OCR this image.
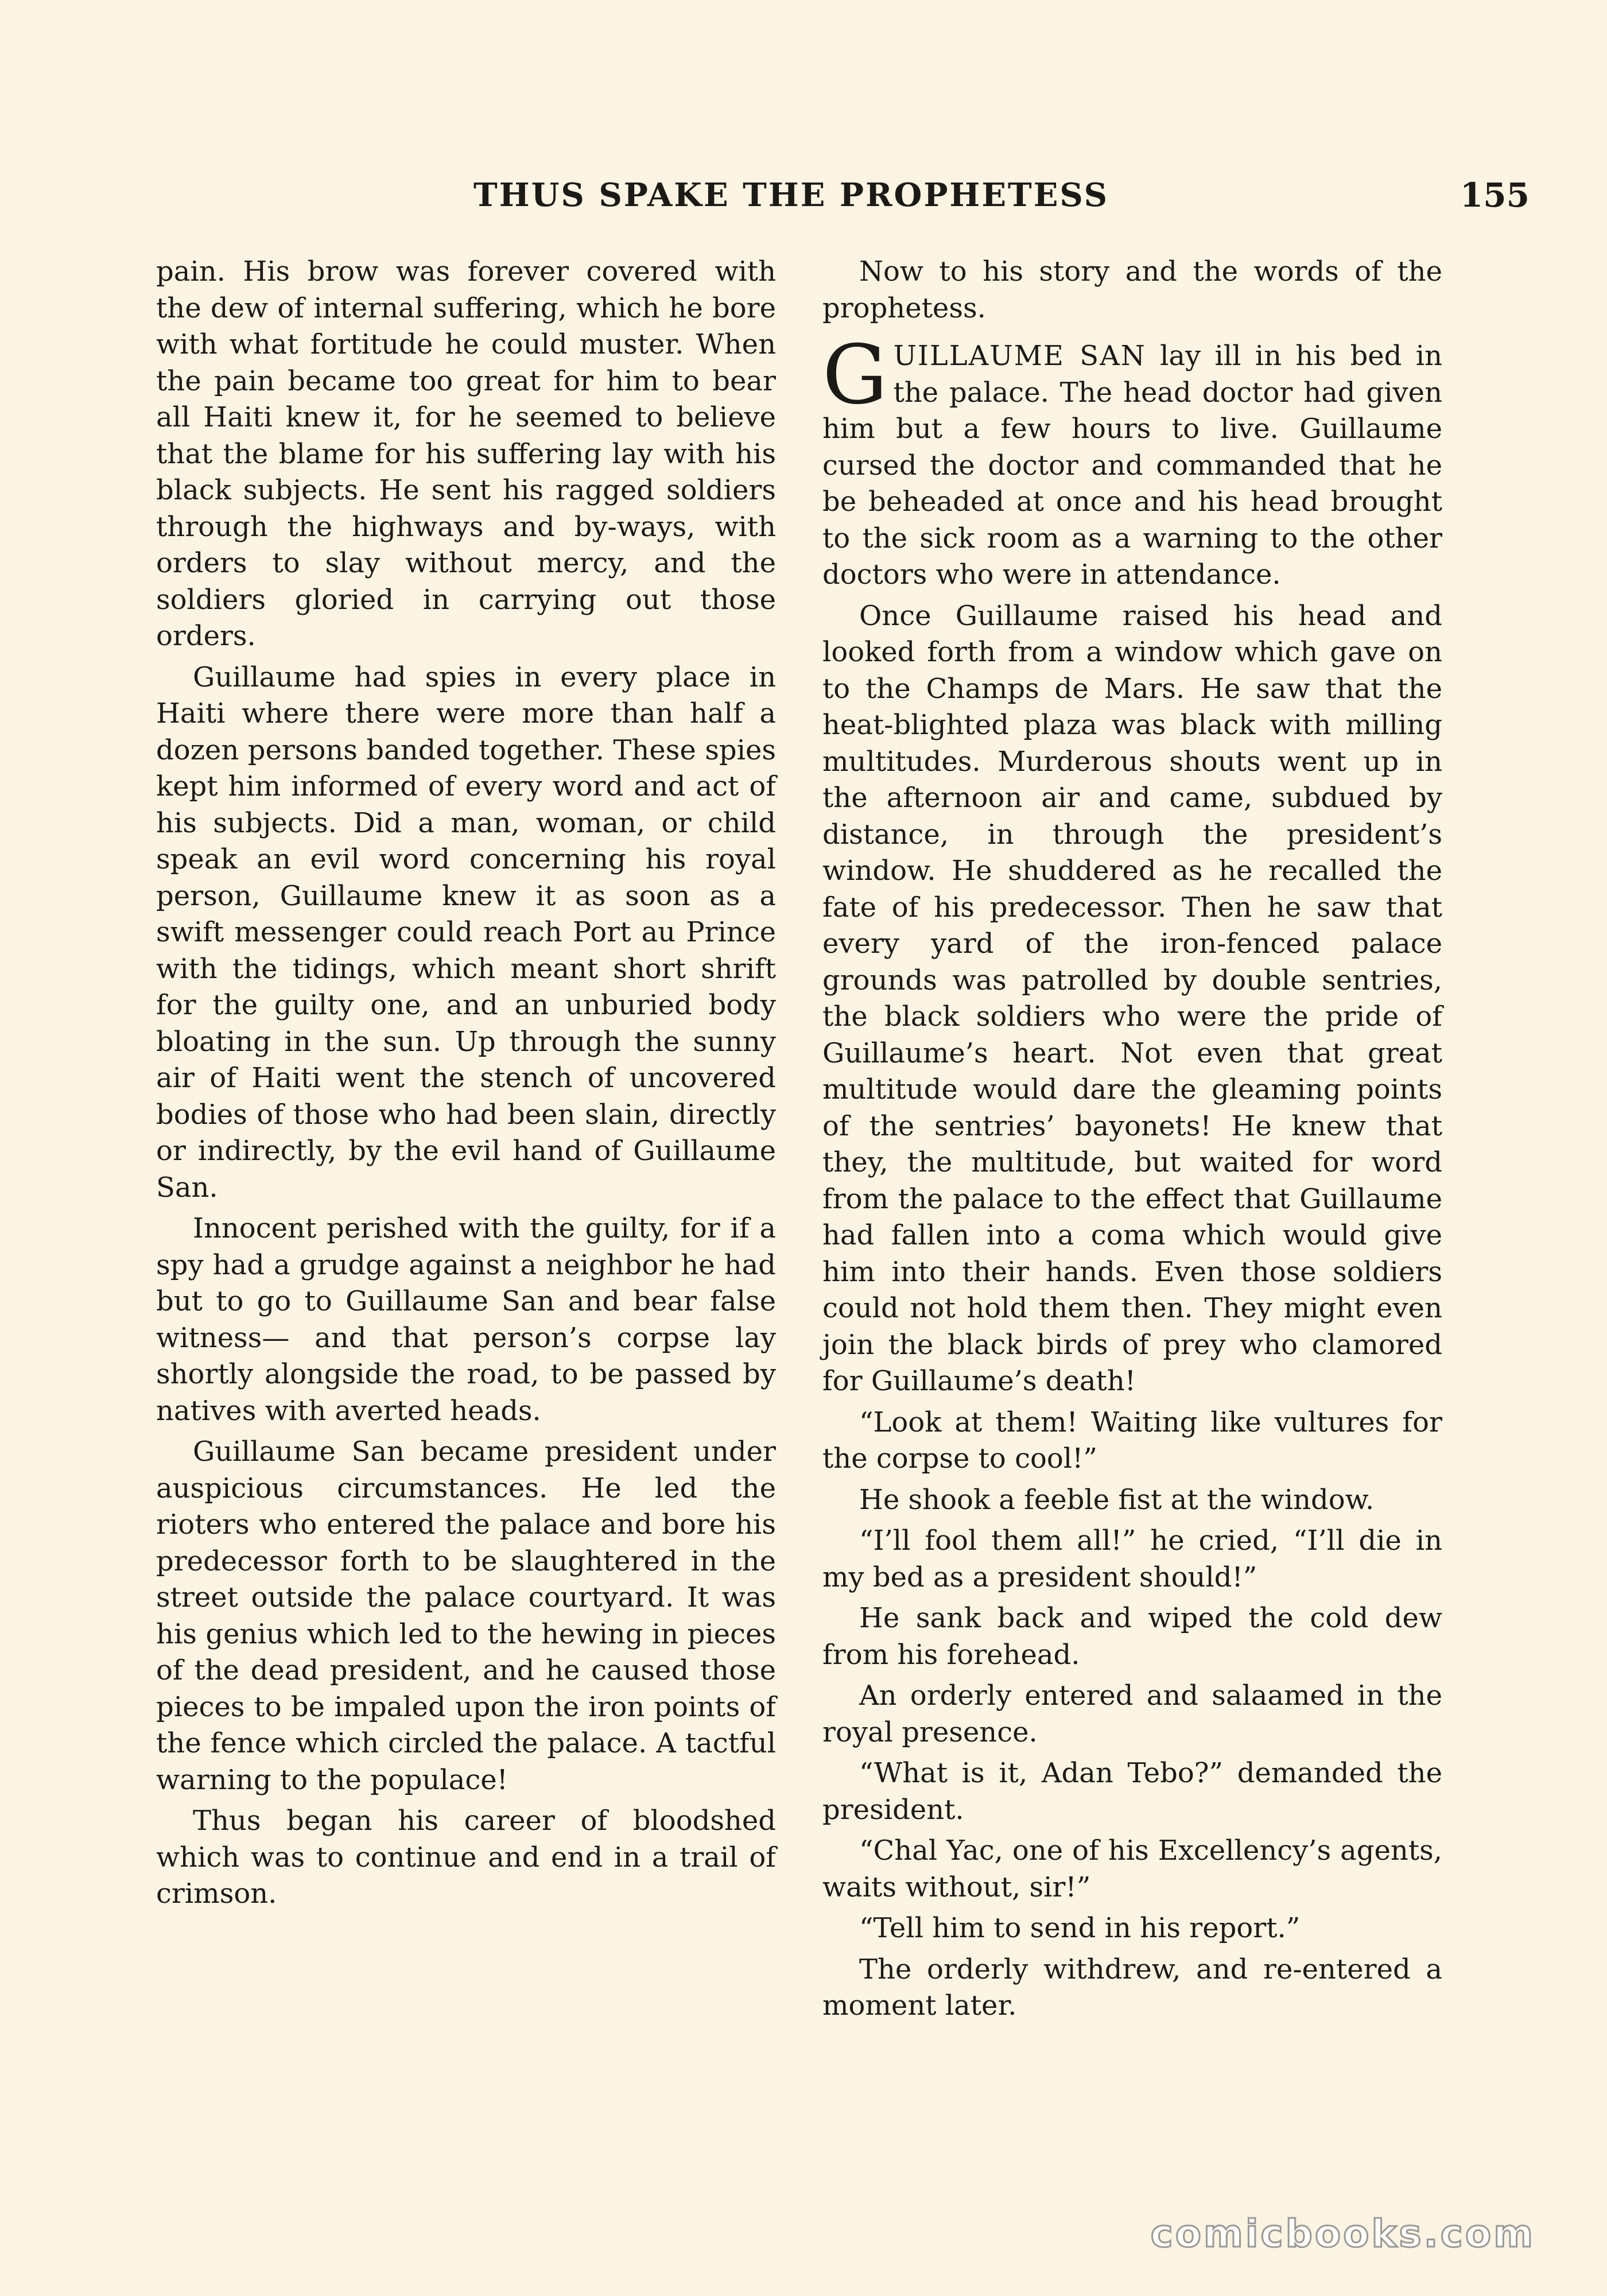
THUS SPAKE THE PROPHETESS	155

pain. His brow was forever covered with the dew of internal suffering, which he bore with what fortitude he could muster. When the pain became too great for him to bear all Haiti knew it, for he seemed to believe that the blame for his suffering lay with his black subjects. He sent his ragged soldiers through the highways and by-ways, with orders to slay without mercy, and the soldiers gloried in carrying out those orders.

Guillaume had spies in every place in Haiti where there were more than half a dozen persons banded together. These spies kept him informed of every word and act of his subjects. Did a man, woman, or child speak an evil word concerning his royal person, Guillaume knew it as soon as a swift messenger could reach Port au Prince with the tidings, which meant short shrift for the guilty one, and an unburied body bloating in the sun. Up through the sunny air of Haiti went the stench of uncovered bodies of those who had been slain, directly or indirectly, by the evil hand of Guillaume San.

Innocent perished with the guilty, for if a spy had a grudge against a neighbor he had but to go to Guillaume San and bear false witness— and that person’s corpse lay shortly alongside the road, to be passed by natives with averted heads.

Guillaume San became president under auspicious circumstances. He led the rioters who entered the palace and bore his predecessor forth to be slaughtered in the street outside the palace courtyard. It was his genius which led to the hewing in pieces of the dead president, and he caused those pieces to be impaled upon the iron points of the fence which circled the palace. A tactful warning to the populace!

Thus began his career of bloodshed which was to continue and end in a trail of crimson.

Now to his story and the words of the prophetess.

GUILLAUME SAN lay ill in his bed in the palace. The head doctor had given him but a few hours to live. Guillaume cursed the doctor and commanded that he be beheaded at once and his head brought to the sick room as a warning to the other doctors who were in attendance.

Once Guillaume raised his head and looked forth from a window which gave on to the Champs de Mars. He saw that the heat-blighted plaza was black with milling multitudes. Murderous shouts went up in the afternoon air and came, subdued by distance, in through the president’s window. He shuddered as he recalled the fate of his predecessor. Then he saw that every yard of the iron-fenced palace grounds was patrolled by double sentries, the black soldiers who were the pride of Guillaume’s heart. Not even that great multitude would dare the gleaming points of the sentries’ bayonets! He knew that they, the multitude, but waited for word from the palace to the effect that Guillaume had fallen into a coma which would give him into their hands. Even those soldiers could not hold them then. They might even join the black birds of prey who clamored for Guillaume’s death!

“Look at them! Waiting like vultures for the corpse to cool!”

He shook a feeble fist at the window.

“I’ll fool them all!” he cried, “I’ll die in my bed as a president should!”

He sank back and wiped the cold dew from his forehead.

An orderly entered and salaamed in the royal presence.

“What is it, Adan Tebo?” demanded the president.

“Chal Yac, one of his Excellency’s agents, waits without, sir!”

“Tell him to send in his report.”

The orderly withdrew, and re-entered a moment later.

comicbooks.com
